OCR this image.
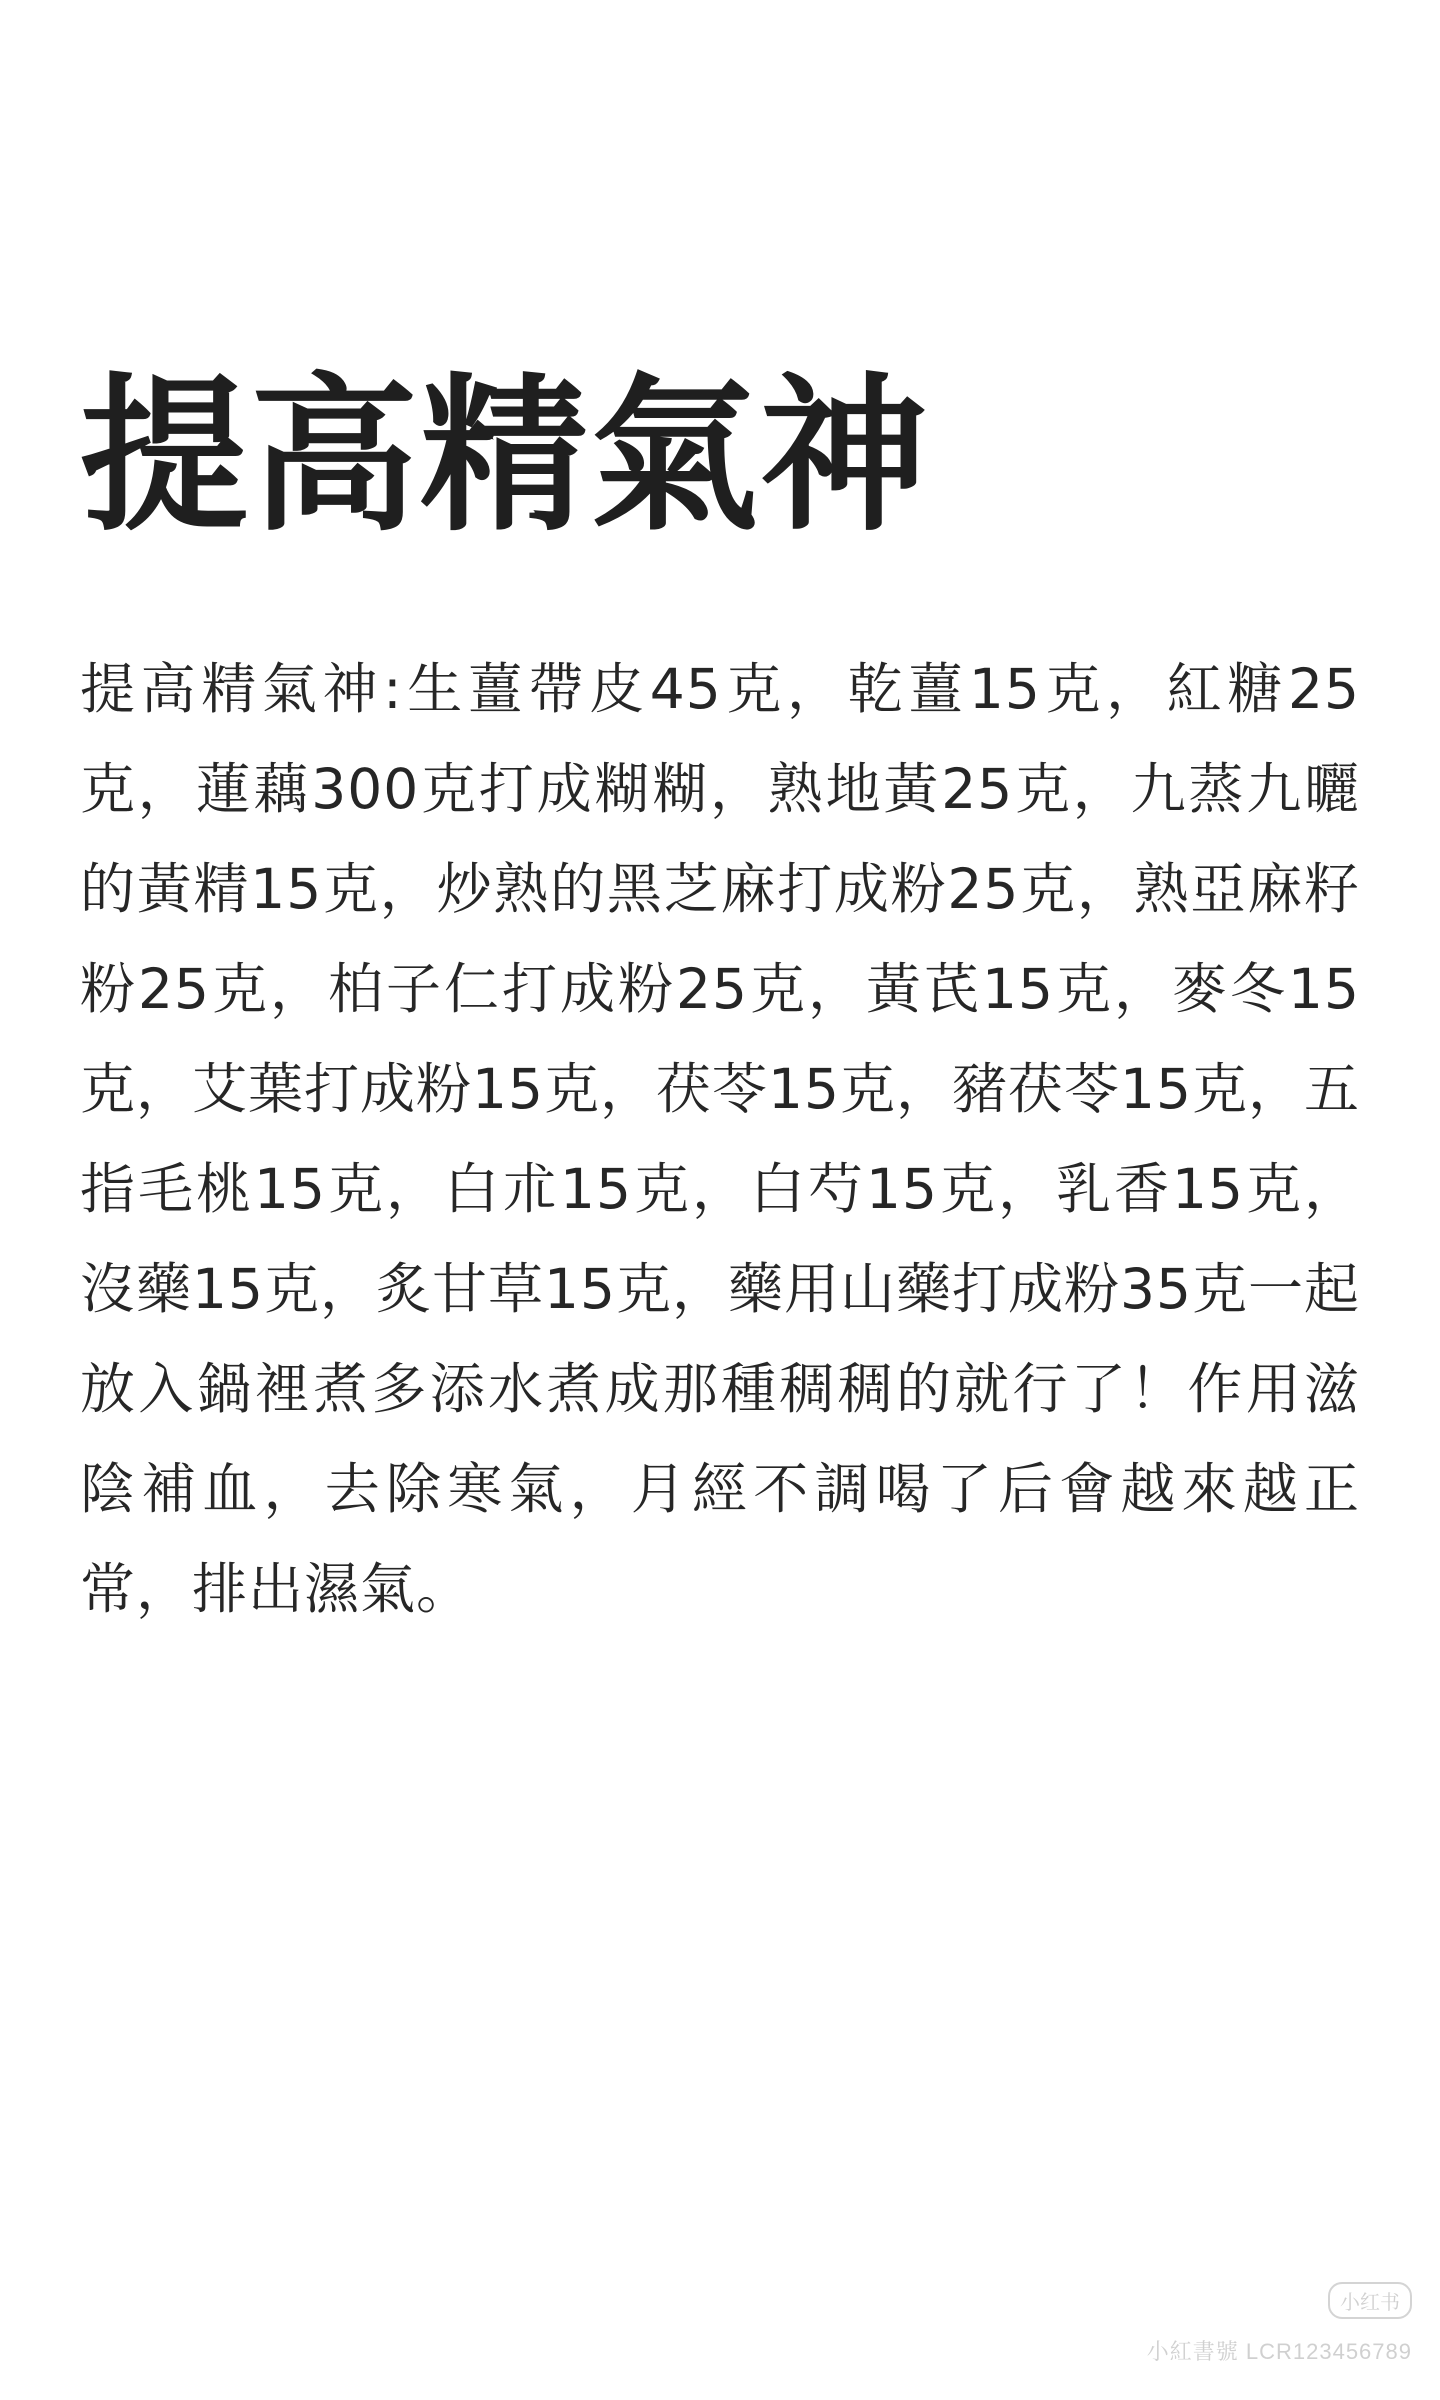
提高精氣神

提高精氣神:生薑帶皮45克，乾薑15克，紅糖25克，蓮藕300克打成糊糊，熟地黃25克，九蒸九曬的黃精15克，炒熟的黑芝麻打成粉25克，熟亞麻籽粉25克，柏子仁打成粉25克，黃芪15克，麥冬15克，艾葉打成粉15克，茯苓15克，豬茯苓15克，五指毛桃15克，白朮15克，白芍15克，乳香15克，沒藥15克，炙甘草15克，藥用山藥打成粉35克一起放入鍋裡煮多添水煮成那種稠稠的就行了！作用滋陰補血，去除寒氣，月經不調喝了后會越來越正常，排出濕氣。

小红书
小紅書號 LCR123456789
